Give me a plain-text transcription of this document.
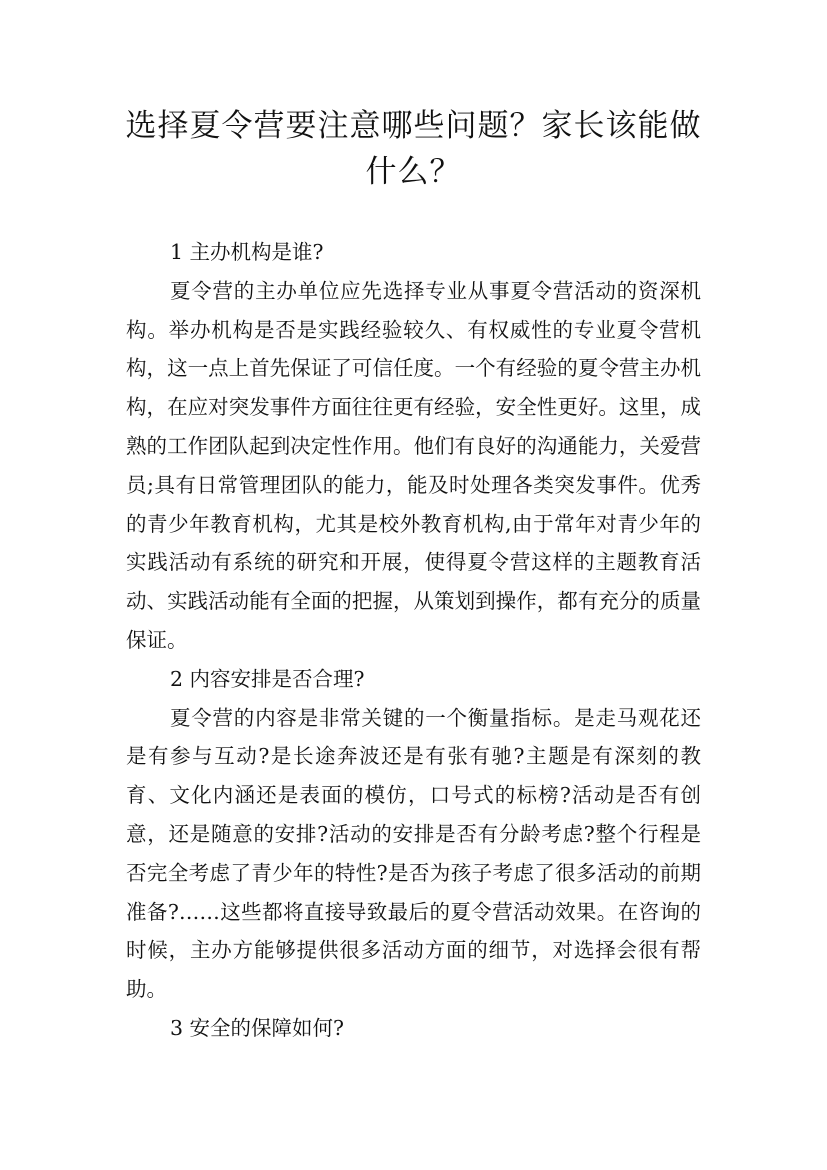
选择夏令营要注意哪些问题？家长该能做什么？

1 主办机构是谁?

夏令营的主办单位应先选择专业从事夏令营活动的资深机构。举办机构是否是实践经验较久、有权威性的专业夏令营机构，这一点上首先保证了可信任度。一个有经验的夏令营主办机构，在应对突发事件方面往往更有经验，安全性更好。这里，成熟的工作团队起到决定性作用。他们有良好的沟通能力，关爱营员;具有日常管理团队的能力，能及时处理各类突发事件。优秀的青少年教育机构，尤其是校外教育机构,由于常年对青少年的实践活动有系统的研究和开展，使得夏令营这样的主题教育活动、实践活动能有全面的把握，从策划到操作，都有充分的质量保证。

2 内容安排是否合理?

夏令营的内容是非常关键的一个衡量指标。是走马观花还是有参与互动?是长途奔波还是有张有驰?主题是有深刻的教育、文化内涵还是表面的模仿，口号式的标榜?活动是否有创意，还是随意的安排?活动的安排是否有分龄考虑?整个行程是否完全考虑了青少年的特性?是否为孩子考虑了很多活动的前期准备?……这些都将直接导致最后的夏令营活动效果。在咨询的时候，主办方能够提供很多活动方面的细节，对选择会很有帮助。

3 安全的保障如何?
